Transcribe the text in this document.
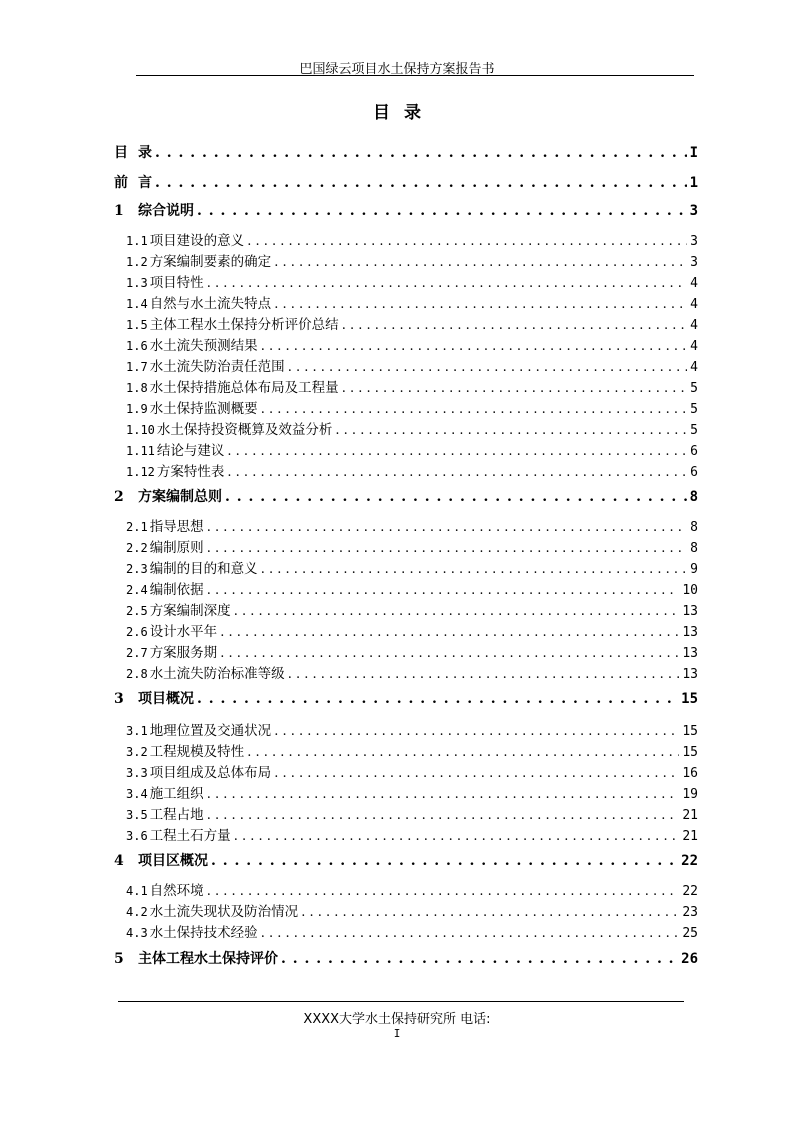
巴国绿云项目水土保持方案报告书
目录
目 录 . . .	I
前 言 . . .	1
1	综合说明 . . .	3
1.1 项目建设的意义 . . .	3
1.2 方案编制要素的确定 . . .	3
1.3 项目特性 . . .	4
1.4 自然与水土流失特点 . . .	4
1.5 主体工程水土保持分析评价总结 . . .	4
1.6 水土流失预测结果 . . .	4
1.7 水土流失防治责任范围 . . .	4
1.8 水土保持措施总体布局及工程量 . . .	5
1.9 水土保持监测概要 . . .	5
1.10 水土保持投资概算及效益分析 . . .	5
1.11 结论与建议 . . .	6
1.12 方案特性表 . . .	6
2	方案编制总则 . . .	8
2.1 指导思想 . . .	8
2.2 编制原则 . . .	8
2.3 编制的目的和意义 . . .	9
2.4 编制依据 . . .	10
2.5 方案编制深度 . . .	13
2.6 设计水平年 . . .	13
2.7 方案服务期 . . .	13
2.8 水土流失防治标准等级 . . .	13
3	项目概况 . . .	15
3.1 地理位置及交通状况 . . .	15
3.2 工程规模及特性 . . .	15
3.3 项目组成及总体布局 . . .	16
3.4 施工组织 . . .	19
3.5 工程占地 . . .	21
3.6 工程土石方量 . . .	21
4	项目区概况 . . .	22
4.1 自然环境 . . .	22
4.2 水土流失现状及防治情况 . . .	23
4.3 水土保持技术经验 . . .	25
5	主体工程水土保持评价 . . .	26
XXXX大学水土保持研究所 电话:
I
